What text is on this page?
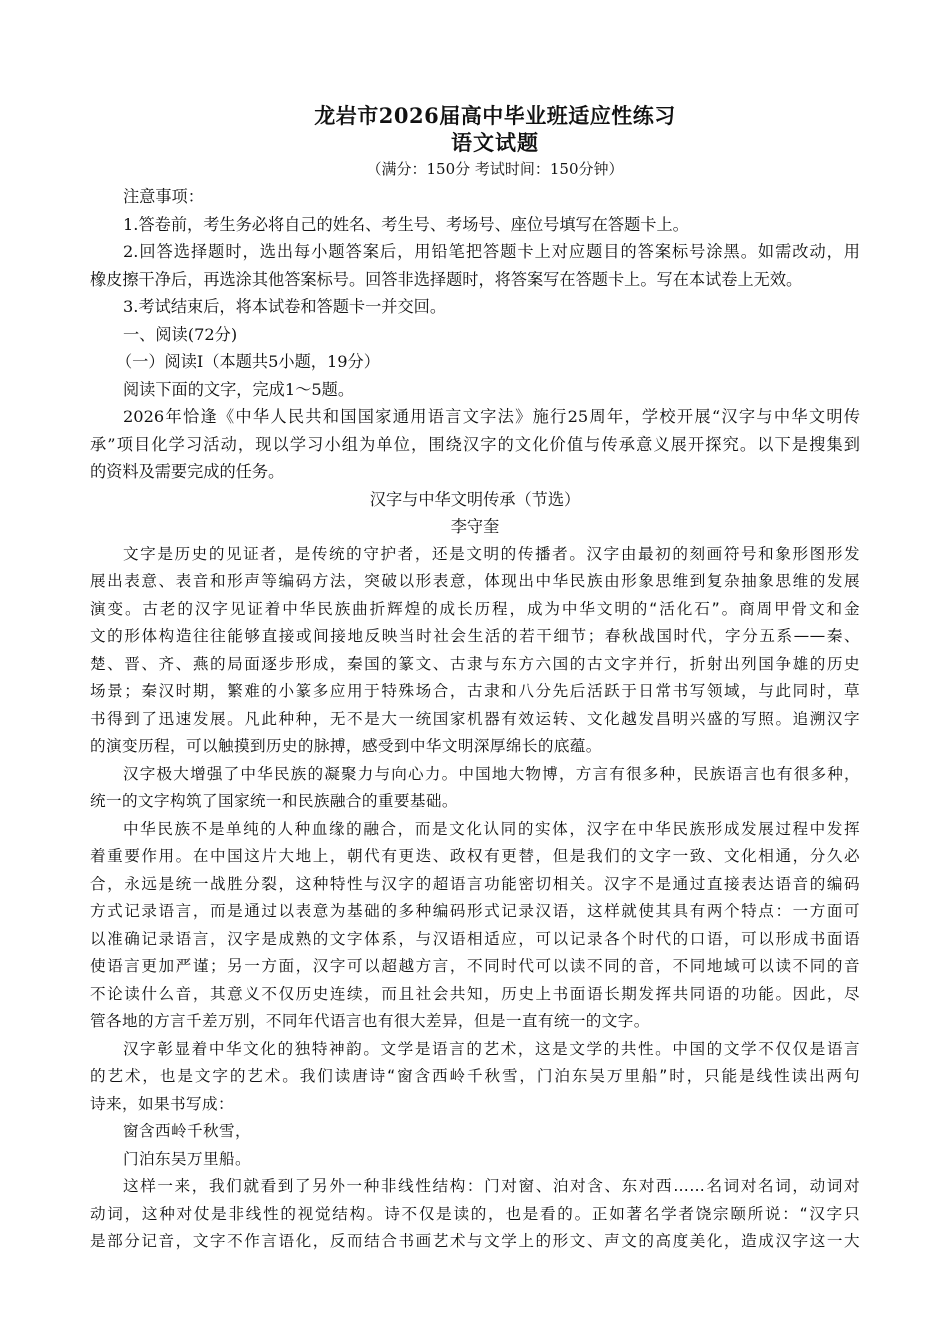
龙岩市2026届高中毕业班适应性练习
语文试题
（满分：150分 考试时间：150分钟）
注意事项：
1.答卷前，考生务必将自己的姓名、考生号、考场号、座位号填写在答题卡上。
2.回答选择题时，选出每小题答案后，用铅笔把答题卡上对应题目的答案标号涂黑。如需改动，用
橡皮擦干净后，再选涂其他答案标号。回答非选择题时，将答案写在答题卡上。写在本试卷上无效。
3.考试结束后，将本试卷和答题卡一并交回。
一、阅读(72分)
（一）阅读Ⅰ（本题共5小题，19分）
阅读下面的文字，完成1～5题。
2026年恰逢《中华人民共和国国家通用语言文字法》施行25周年，学校开展“汉字与中华文明传
承”项目化学习活动，现以学习小组为单位，围绕汉字的文化价值与传承意义展开探究。以下是搜集到
的资料及需要完成的任务。
汉字与中华文明传承（节选）
李守奎
文字是历史的见证者，是传统的守护者，还是文明的传播者。汉字由最初的刻画符号和象形图形发
展出表意、表音和形声等编码方法，突破以形表意，体现出中华民族由形象思维到复杂抽象思维的发展
演变。古老的汉字见证着中华民族曲折辉煌的成长历程，成为中华文明的“活化石”。商周甲骨文和金
文的形体构造往往能够直接或间接地反映当时社会生活的若干细节；春秋战国时代，字分五系——秦、
楚、晋、齐、燕的局面逐步形成，秦国的篆文、古隶与东方六国的古文字并行，折射出列国争雄的历史
场景；秦汉时期，繁难的小篆多应用于特殊场合，古隶和八分先后活跃于日常书写领域，与此同时，草
书得到了迅速发展。凡此种种，无不是大一统国家机器有效运转、文化越发昌明兴盛的写照。追溯汉字
的演变历程，可以触摸到历史的脉搏，感受到中华文明深厚绵长的底蕴。
汉字极大增强了中华民族的凝聚力与向心力。中国地大物博，方言有很多种，民族语言也有很多种，
统一的文字构筑了国家统一和民族融合的重要基础。
中华民族不是单纯的人种血缘的融合，而是文化认同的实体，汉字在中华民族形成发展过程中发挥
着重要作用。在中国这片大地上，朝代有更迭、政权有更替，但是我们的文字一致、文化相通，分久必
合，永远是统一战胜分裂，这种特性与汉字的超语言功能密切相关。汉字不是通过直接表达语音的编码
方式记录语言，而是通过以表意为基础的多种编码形式记录汉语，这样就使其具有两个特点：一方面可
以准确记录语言，汉字是成熟的文字体系，与汉语相适应，可以记录各个时代的口语，可以形成书面语
使语言更加严谨；另一方面，汉字可以超越方言，不同时代可以读不同的音，不同地域可以读不同的音
不论读什么音，其意义不仅历史连续，而且社会共知，历史上书面语长期发挥共同语的功能。因此，尽
管各地的方言千差万别，不同年代语言也有很大差异，但是一直有统一的文字。
汉字彰显着中华文化的独特神韵。文学是语言的艺术，这是文学的共性。中国的文学不仅仅是语言
的艺术，也是文字的艺术。我们读唐诗“窗含西岭千秋雪，门泊东吴万里船”时，只能是线性读出两句
诗来，如果书写成：
窗含西岭千秋雪，
门泊东吴万里船。
这样一来，我们就看到了另外一种非线性结构：门对窗、泊对含、东对西……名词对名词，动词对
动词，这种对仗是非线性的视觉结构。诗不仅是读的，也是看的。正如著名学者饶宗颐所说：“汉字只
是部分记音，文字不作言语化，反而结合书画艺术与文学上的形文、声文的高度美化，造成汉字这一大
